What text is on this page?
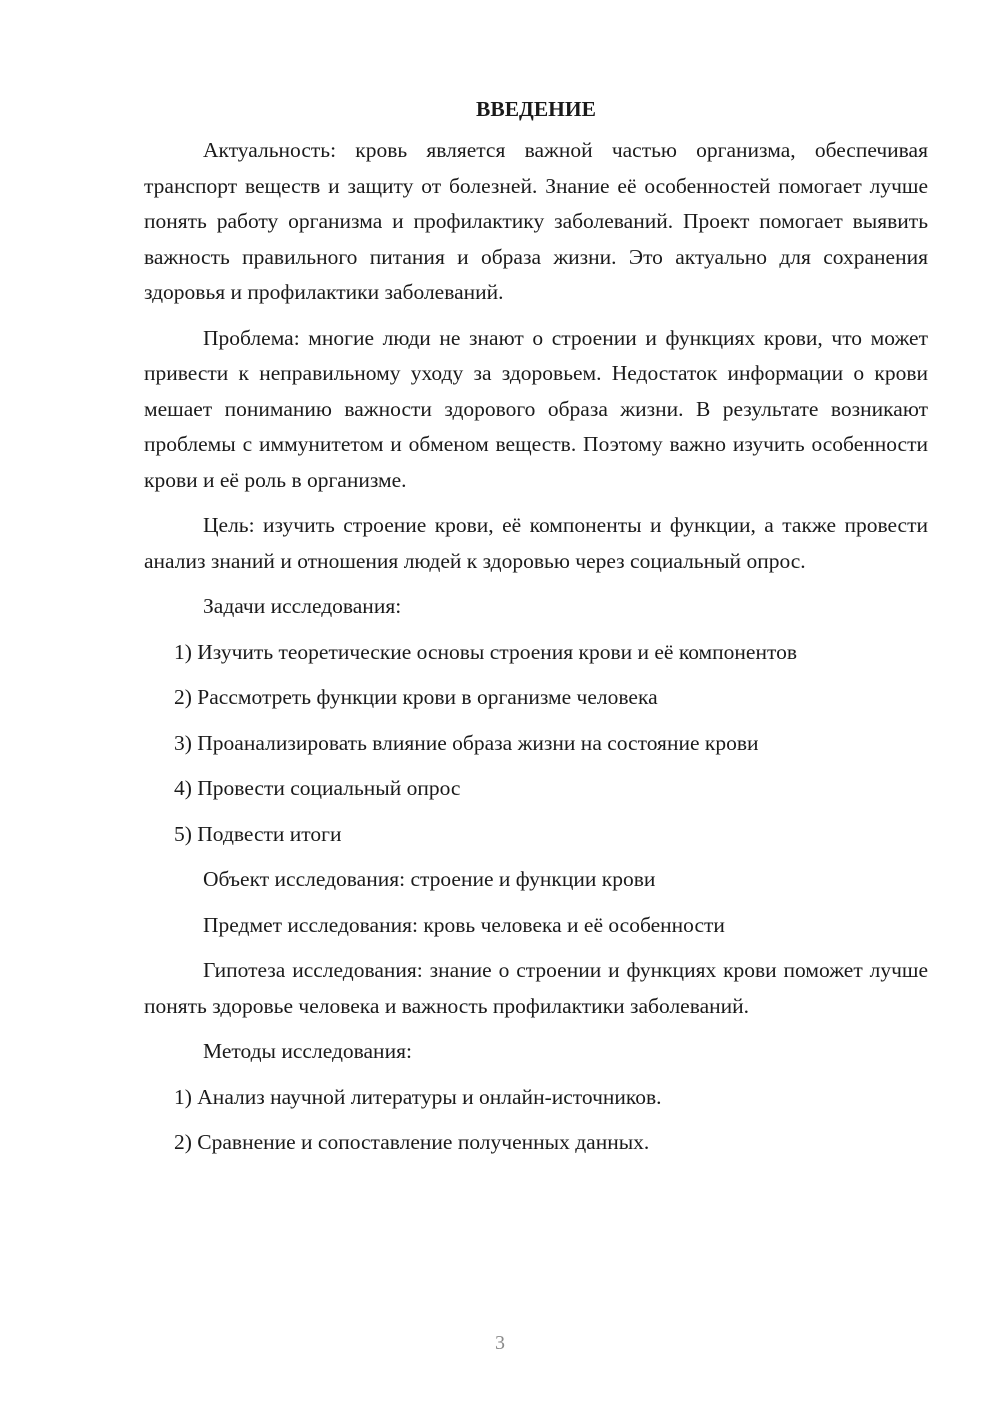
ВВЕДЕНИЕ

Актуальность: кровь является важной частью организма, обеспечивая транспорт веществ и защиту от болезней. Знание её особенностей помогает лучше понять работу организма и профилактику заболеваний. Проект помогает выявить важность правильного питания и образа жизни. Это актуально для сохранения здоровья и профилактики заболеваний.

Проблема: многие люди не знают о строении и функциях крови, что может привести к неправильному уходу за здоровьем. Недостаток информации о крови мешает пониманию важности здорового образа жизни. В результате возникают проблемы с иммунитетом и обменом веществ. Поэтому важно изучить особенности крови и её роль в организме.

Цель: изучить строение крови, её компоненты и функции, а также провести анализ знаний и отношения людей к здоровью через социальный опрос.

Задачи исследования:
1) Изучить теоретические основы строения крови и её компонентов
2) Рассмотреть функции крови в организме человека
3) Проанализировать влияние образа жизни на состояние крови
4) Провести социальный опрос
5) Подвести итоги
Объект исследования: строение и функции крови
Предмет исследования: кровь человека и её особенности

Гипотеза исследования: знание о строении и функциях крови поможет лучше понять здоровье человека и важность профилактики заболеваний.

Методы исследования:
1) Анализ научной литературы и онлайн-источников.
2) Сравнение и сопоставление полученных данных.
3
